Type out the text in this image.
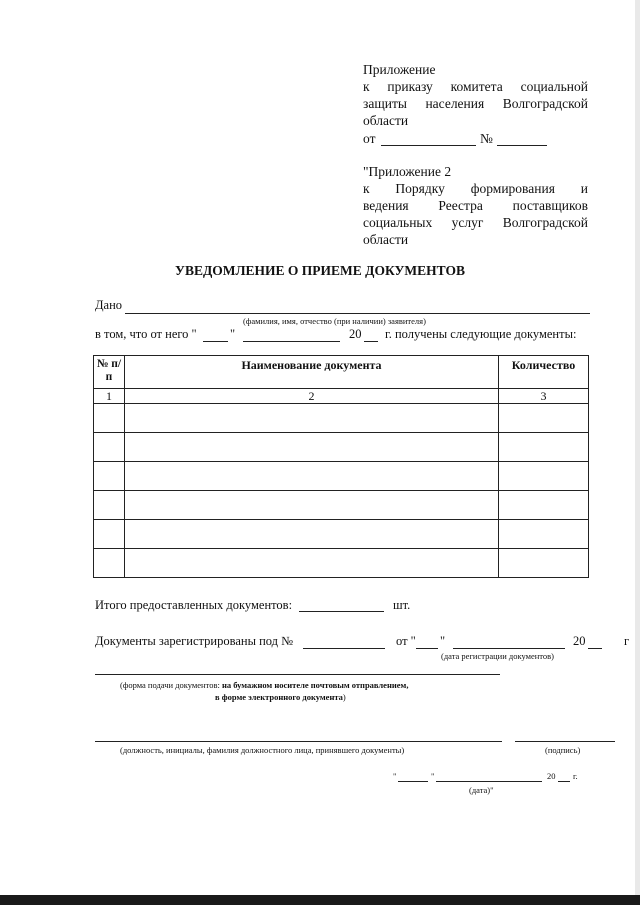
Приложение
к приказу комитета социальной
защиты населения Волгоградской
области
от	№
"Приложение 2
к Порядку формирования и
ведения Реестра поставщиков
социальных услуг Волгоградской
области
УВЕДОМЛЕНИЕ О ПРИЕМЕ ДОКУМЕНТОВ
Дано
(фамилия, имя, отчество (при наличии) заявителя)
в том, что от него "	"	20 г. получены следующие документы:
№ п/п	Наименование документа	Количество
1	2	3

Итого предоставленных документов:	шт.
Документы зарегистрированы под №	от " "	20	г
(дата регистрации документов)
(форма подачи документов: на бумажном носителе почтовым отправлением,
в форме электронного документа)
(должность, инициалы, фамилия должностного лица, принявшего документы)	(подпись)
"	"	20 г.
(дата)"
